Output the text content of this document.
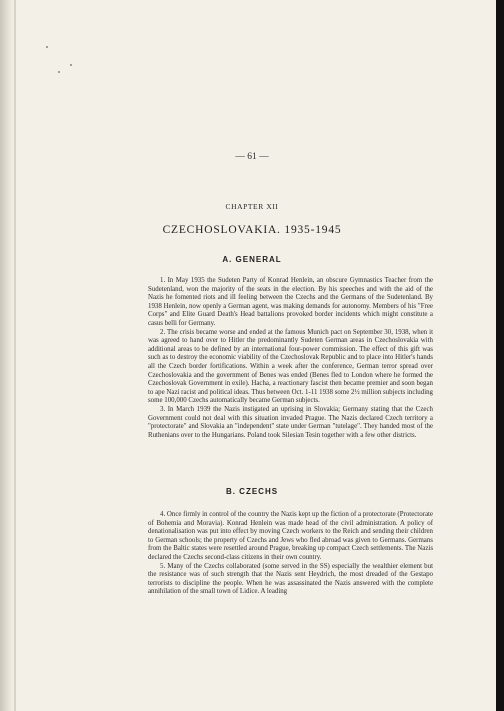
— 61 —
CHAPTER XII
CZECHOSLOVAKIA. 1935-1945
A. GENERAL

1. In May 1935 the Sudeten Party of Konrad Henlein, an obscure Gymnastics Teacher from the Sudetenland, won the majority of the seats in the election. By his speeches and with the aid of the Nazis he fomented riots and ill feeling between the Czechs and the Germans of the Sudetenland. By 1938 Henlein, now openly a German agent, was making demands for autonomy. Members of his "Free Corps" and Elite Guard Death's Head battalions provoked border incidents which might constitute a casus belli for Germany.

2. The crisis became worse and ended at the famous Munich pact on September 30, 1938, when it was agreed to hand over to Hitler the predominantly Sudeten German areas in Czechoslovakia with additional areas to be defined by an international four-power commission. The effect of this gift was such as to destroy the economic viability of the Czechoslovak Republic and to place into Hitler's hands all the Czech border fortifications. Within a week after the conference, German terror spread over Czechoslovakia and the government of Benes was ended (Benes fled to London where he formed the Czechoslovak Government in exile). Hacha, a reactionary fascist then became premier and soon began to ape Nazi racist and political ideas. Thus between Oct. 1-11 1938 some 2½ million subjects including some 100,000 Czechs automatically became German subjects.

3. In March 1939 the Nazis instigated an uprising in Slovakia; Germany stating that the Czech Government could not deal with this situation invaded Prague. The Nazis declared Czech territory a "protectorate" and Slovakia an "independent" state under German "tutelage". They handed most of the Ruthenians over to the Hungarians. Poland took Silesian Tesin together with a few other districts.

B. CZECHS

4. Once firmly in control of the country the Nazis kept up the fiction of a protectorate (Protectorate of Bohemia and Moravia). Konrad Henlein was made head of the civil administration. A policy of denationalisation was put into effect by moving Czech workers to the Reich and sending their children to German schools; the property of Czechs and Jews who fled abroad was given to Germans. Germans from the Baltic states were resettled around Prague, breaking up compact Czech settlements. The Nazis declared the Czechs second-class citizens in their own country.

5. Many of the Czechs collaborated (some served in the SS) especially the wealthier element but the resistance was of such strength that the Nazis sent Heydrich, the most dreaded of the Gestapo terrorists to discipline the people. When he was assassinated the Nazis answered with the complete annihilation of the small town of Lidice. A leading
